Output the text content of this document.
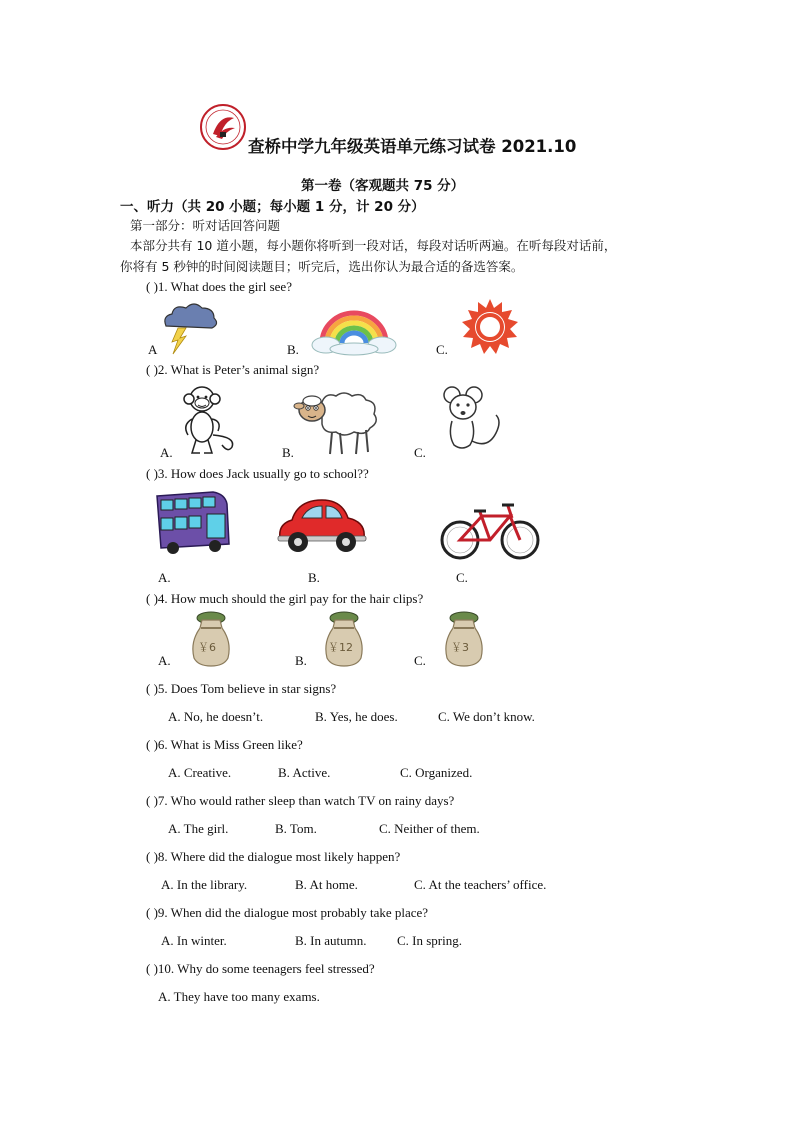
查桥中学九年级英语单元练习试卷 2021.10
第一卷（客观题共 75 分）
一、听力（共 20 小题；每小题 1 分，计 20 分）
第一部分：听对话回答问题
本部分共有 10 道小题，每小题你将听到一段对话，每段对话听两遍。在听每段对话前，
你将有 5 秒钟的时间阅读题目；听完后，选出你认为最合适的备选答案。
( )1. What does the girl see?
A	B.	C.
( )2. What is Peter’s animal sign?
A.	B.	C.
( )3. How does Jack usually go to school??
A.	B.	C.
( )4. How much should the girl pay for the hair clips?
￥6	￥12	￥3
A.	B.	C.
( )5. Does Tom believe in star signs?
A. No, he doesn’t.	B. Yes, he does.	C. We don’t know.
( )6. What is Miss Green like?
A. Creative.	B. Active.	C. Organized.
( )7. Who would rather sleep than watch TV on rainy days?
A. The girl.	B. Tom.	C. Neither of them.
( )8. Where did the dialogue most likely happen?
A. In the library.	B. At home.	C. At the teachers’ office.
( )9. When did the dialogue most probably take place?
A. In winter.	B. In autumn. C. In spring.
( )10. Why do some teenagers feel stressed?
A. They have too many exams.
